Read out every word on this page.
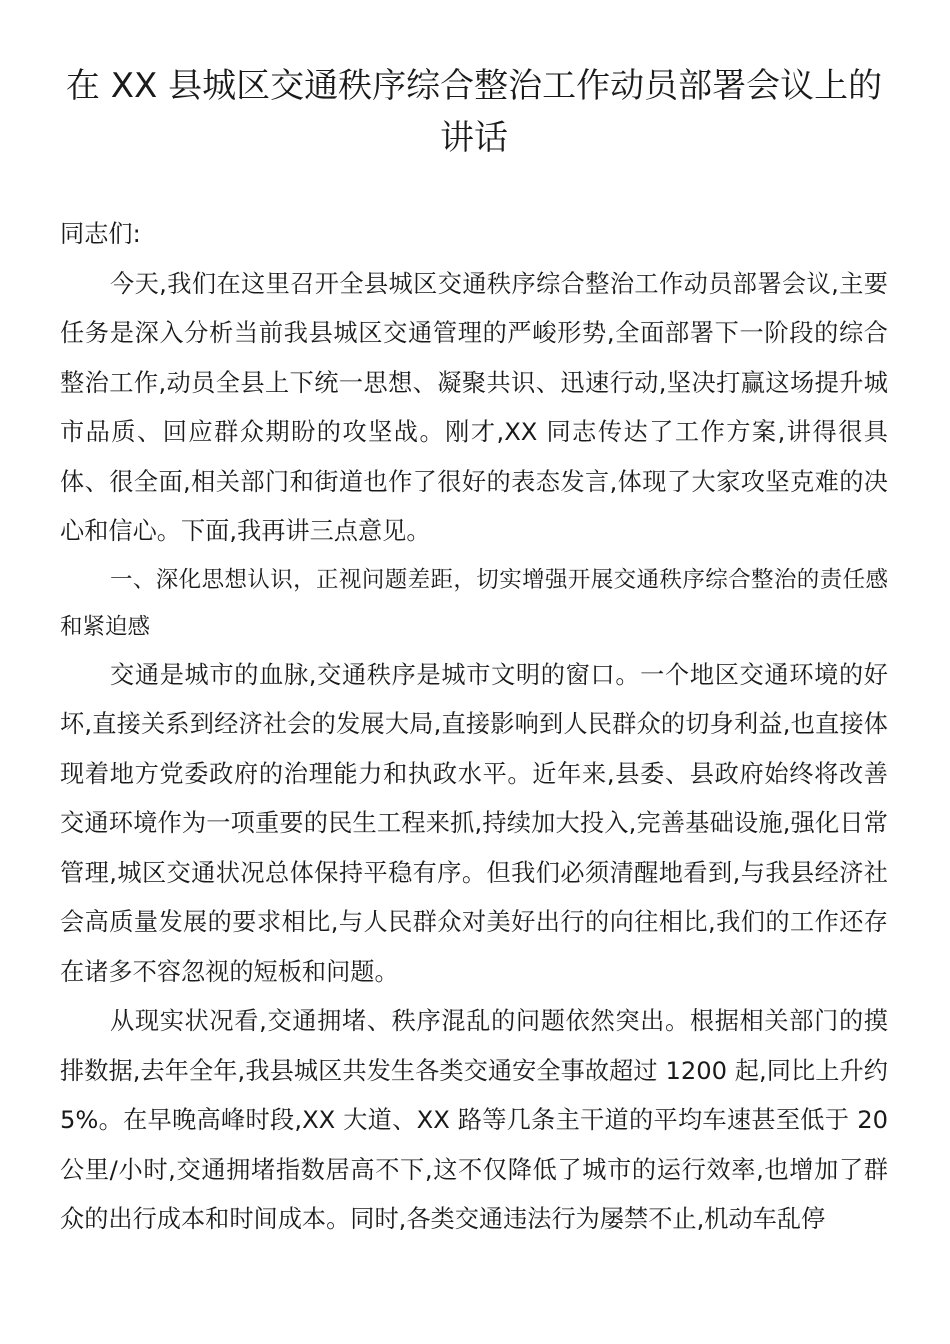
在 XX 县城区交通秩序综合整治工作动员部署会议上的
讲话

同志们:

今天,我们在这里召开全县城区交通秩序综合整治工作动员部署会议,主要任务是深入分析当前我县城区交通管理的严峻形势,全面部署下一阶段的综合整治工作,动员全县上下统一思想、凝聚共识、迅速行动,坚决打赢这场提升城市品质、回应群众期盼的攻坚战。刚才,XX 同志传达了工作方案,讲得很具体、很全面,相关部门和街道也作了很好的表态发言,体现了大家攻坚克难的决心和信心。下面,我再讲三点意见。

一、深化思想认识，正视问题差距，切实增强开展交通秩序综合整治的责任感和紧迫感

交通是城市的血脉,交通秩序是城市文明的窗口。一个地区交通环境的好坏,直接关系到经济社会的发展大局,直接影响到人民群众的切身利益,也直接体现着地方党委政府的治理能力和执政水平。近年来,县委、县政府始终将改善交通环境作为一项重要的民生工程来抓,持续加大投入,完善基础设施,强化日常管理,城区交通状况总体保持平稳有序。但我们必须清醒地看到,与我县经济社会高质量发展的要求相比,与人民群众对美好出行的向往相比,我们的工作还存在诸多不容忽视的短板和问题。

从现实状况看,交通拥堵、秩序混乱的问题依然突出。根据相关部门的摸排数据,去年全年,我县城区共发生各类交通安全事故超过 1200 起,同比上升约 5%。在早晚高峰时段,XX 大道、XX 路等几条主干道的平均车速甚至低于 20 公里/小时,交通拥堵指数居高不下,这不仅降低了城市的运行效率,也增加了群众的出行成本和时间成本。同时,各类交通违法行为屡禁不止,机动车乱停
